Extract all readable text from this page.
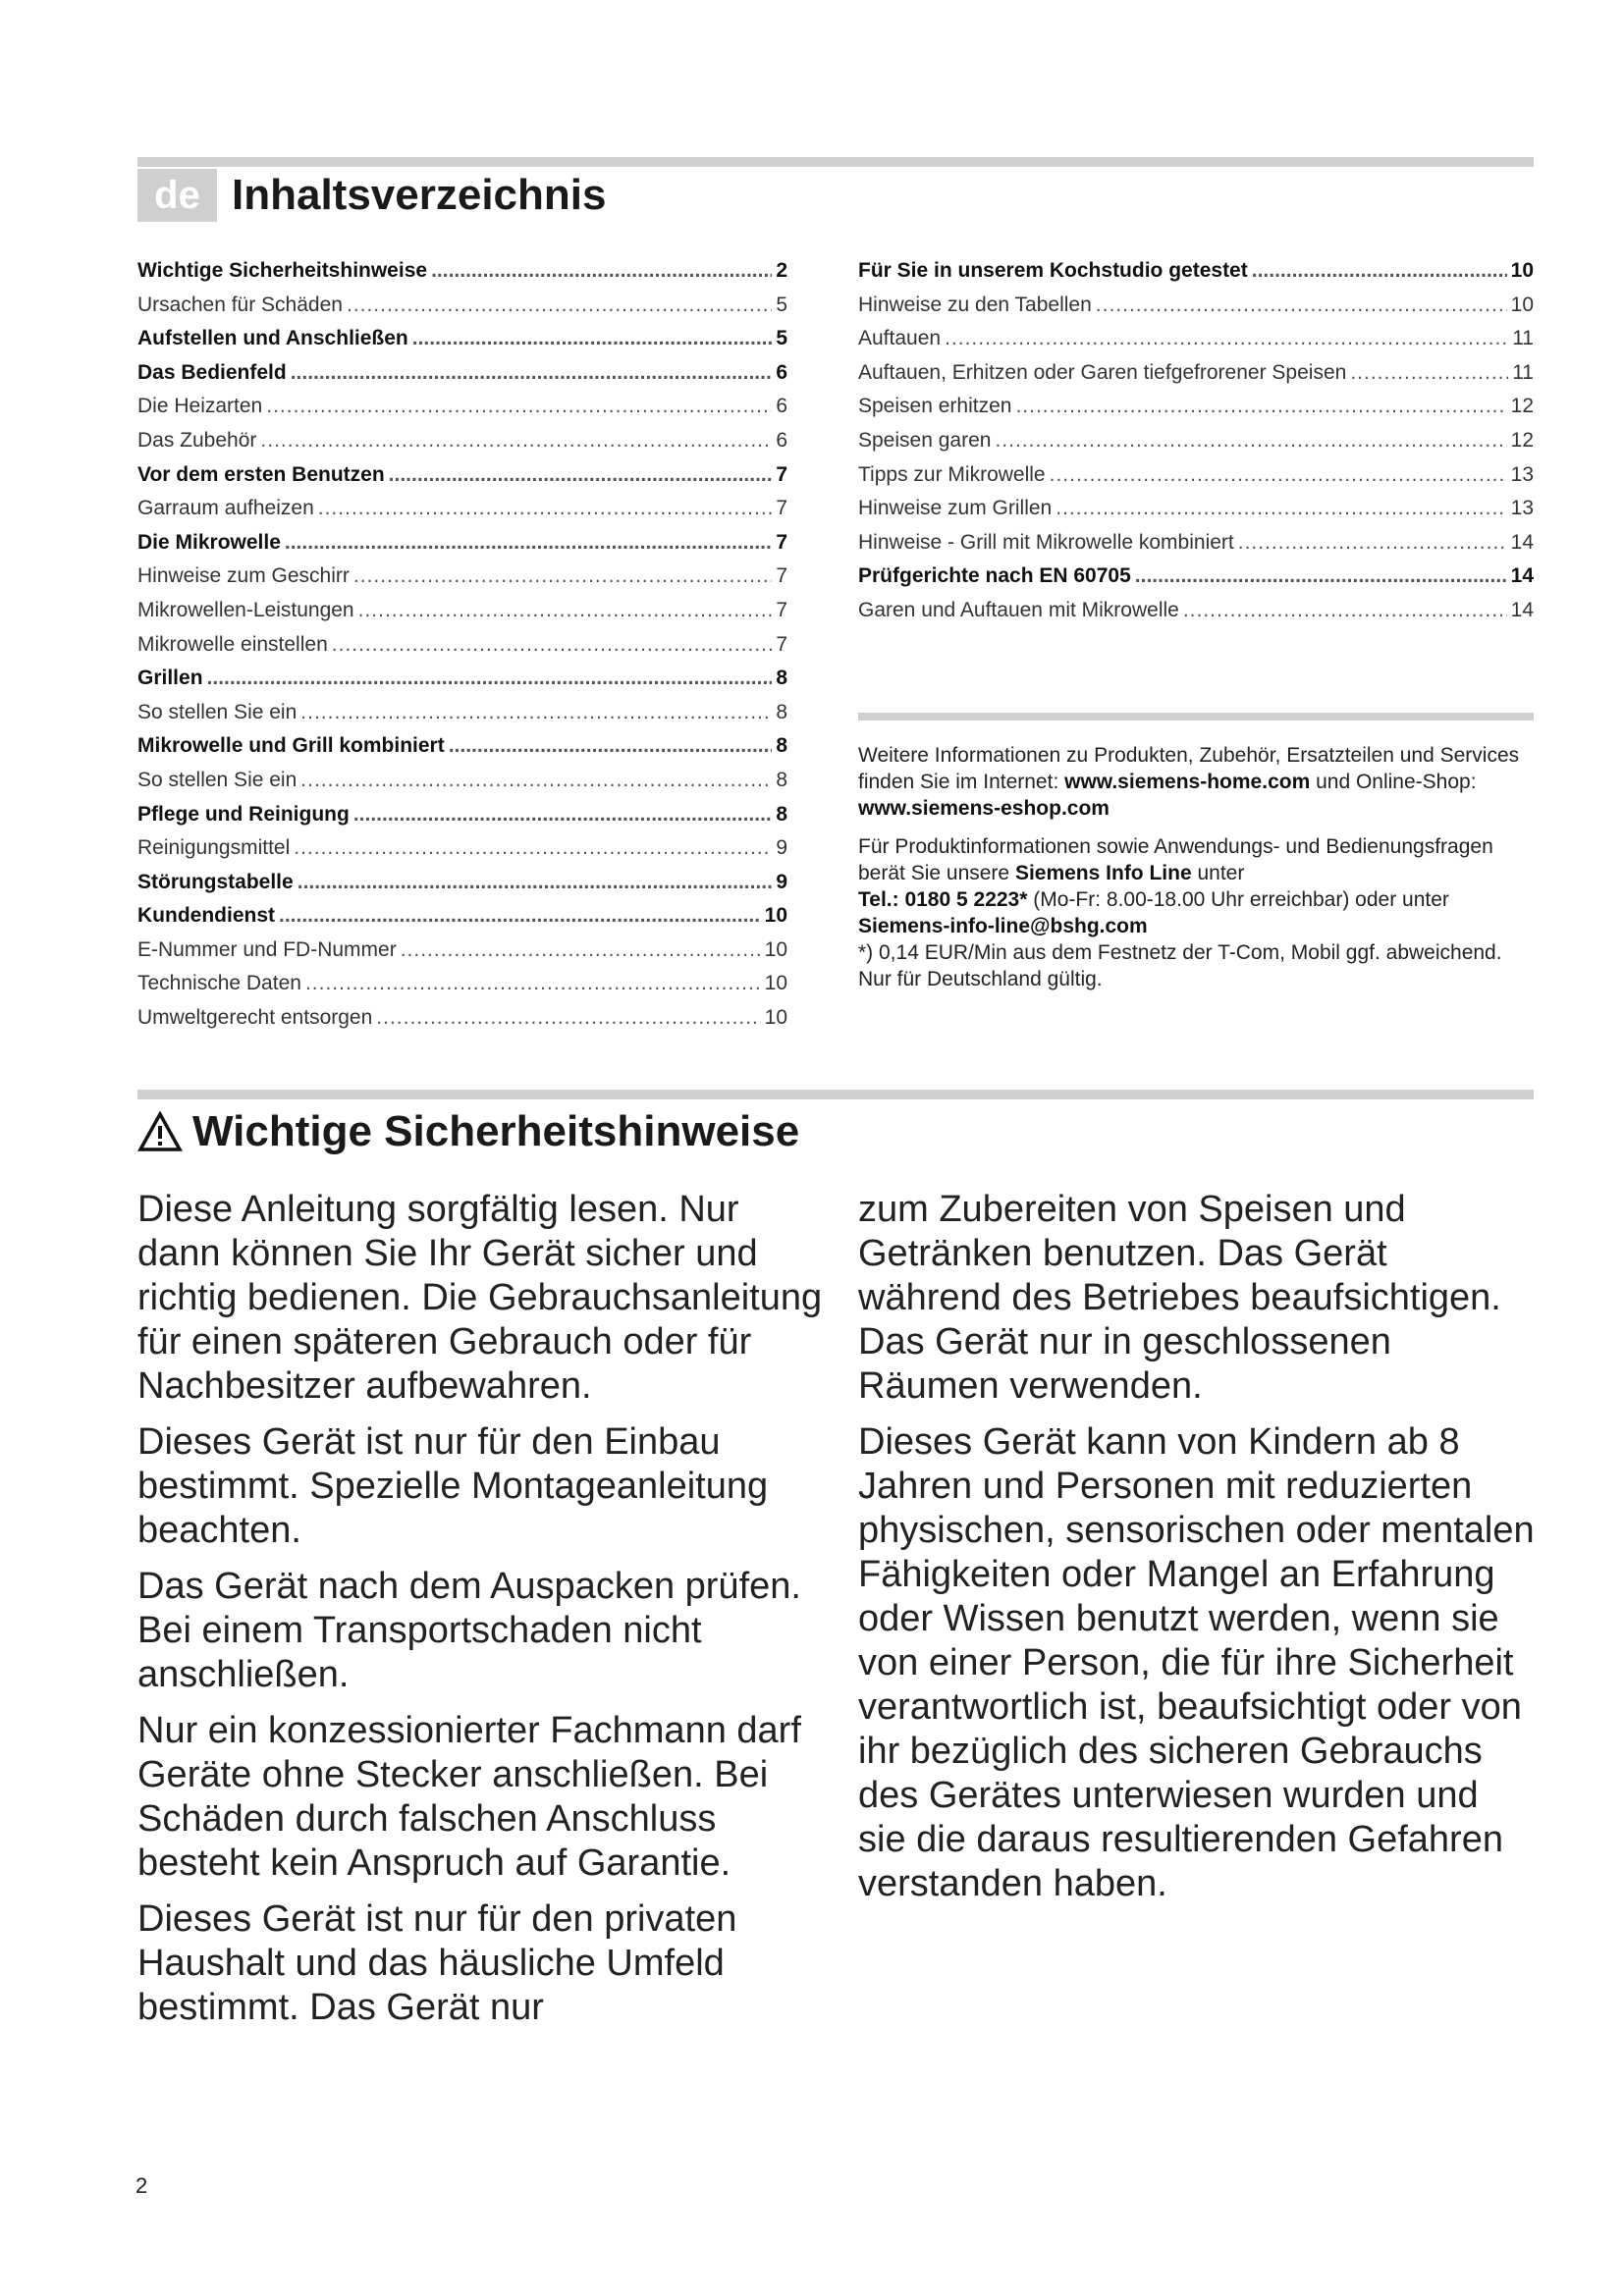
de Inhaltsverzeichnis
Wichtige Sicherheitshinweise .....	2
Ursachen für Schäden .....	5
Aufstellen und Anschließen .....	5
Das Bedienfeld .....	6
Die Heizarten .....	6
Das Zubehör .....	6
Vor dem ersten Benutzen .....	7
Garraum aufheizen .....	7
Die Mikrowelle .....	7
Hinweise zum Geschirr .....	7
Mikrowellen-Leistungen .....	7
Mikrowelle einstellen .....	7
Grillen .....	8
So stellen Sie ein .....	8
Mikrowelle und Grill kombiniert .....	8
So stellen Sie ein .....	8
Pflege und Reinigung .....	8
Reinigungsmittel .....	9
Störungstabelle .....	9
Kundendienst .....	10
E-Nummer und FD-Nummer .....	10
Technische Daten .....	10
Umweltgerecht entsorgen .....	10
Für Sie in unserem Kochstudio getestet .....	10
Hinweise zu den Tabellen .....	10
Auftauen .....	11
Auftauen, Erhitzen oder Garen tiefgefrorener Speisen .....	11
Speisen erhitzen .....	12
Speisen garen .....	12
Tipps zur Mikrowelle .....	13
Hinweise zum Grillen .....	13
Hinweise - Grill mit Mikrowelle kombiniert .....	14
Prüfgerichte nach EN 60705 .....	14
Garen und Auftauen mit Mikrowelle .....	14

Weitere Informationen zu Produkten, Zubehör, Ersatzteilen und Services finden Sie im Internet: www.siemens-home.com und Online-Shop: www.siemens-eshop.com

Für Produktinformationen sowie Anwendungs- und Bedienungsfragen berät Sie unsere Siemens Info Line unter
Tel.: 0180 5 2223* (Mo-Fr: 8.00-18.00 Uhr erreichbar) oder unter Siemens-info-line@bshg.com
*) 0,14 EUR/Min aus dem Festnetz der T-Com, Mobil ggf. abweichend. Nur für Deutschland gültig.

Wichtige Sicherheitshinweise

Diese Anleitung sorgfältig lesen. Nur dann können Sie Ihr Gerät sicher und richtig bedienen. Die Gebrauchsanleitung für einen späteren Gebrauch oder für Nachbesitzer aufbewahren.

Dieses Gerät ist nur für den Einbau bestimmt. Spezielle Montageanleitung beachten.

Das Gerät nach dem Auspacken prüfen. Bei einem Transportschaden nicht anschließen.

Nur ein konzessionierter Fachmann darf Geräte ohne Stecker anschließen. Bei Schäden durch falschen Anschluss besteht kein Anspruch auf Garantie.

Dieses Gerät ist nur für den privaten Haushalt und das häusliche Umfeld bestimmt. Das Gerät nur

zum Zubereiten von Speisen und Getränken benutzen. Das Gerät während des Betriebes beaufsichtigen. Das Gerät nur in geschlossenen Räumen verwenden.

Dieses Gerät kann von Kindern ab 8 Jahren und Personen mit reduzierten physischen, sensorischen oder mentalen Fähigkeiten oder Mangel an Erfahrung oder Wissen benutzt werden, wenn sie von einer Person, die für ihre Sicherheit verantwortlich ist, beaufsichtigt oder von ihr bezüglich des sicheren Gebrauchs des Gerätes unterwiesen wurden und sie die daraus resultierenden Gefahren verstanden haben.

2
